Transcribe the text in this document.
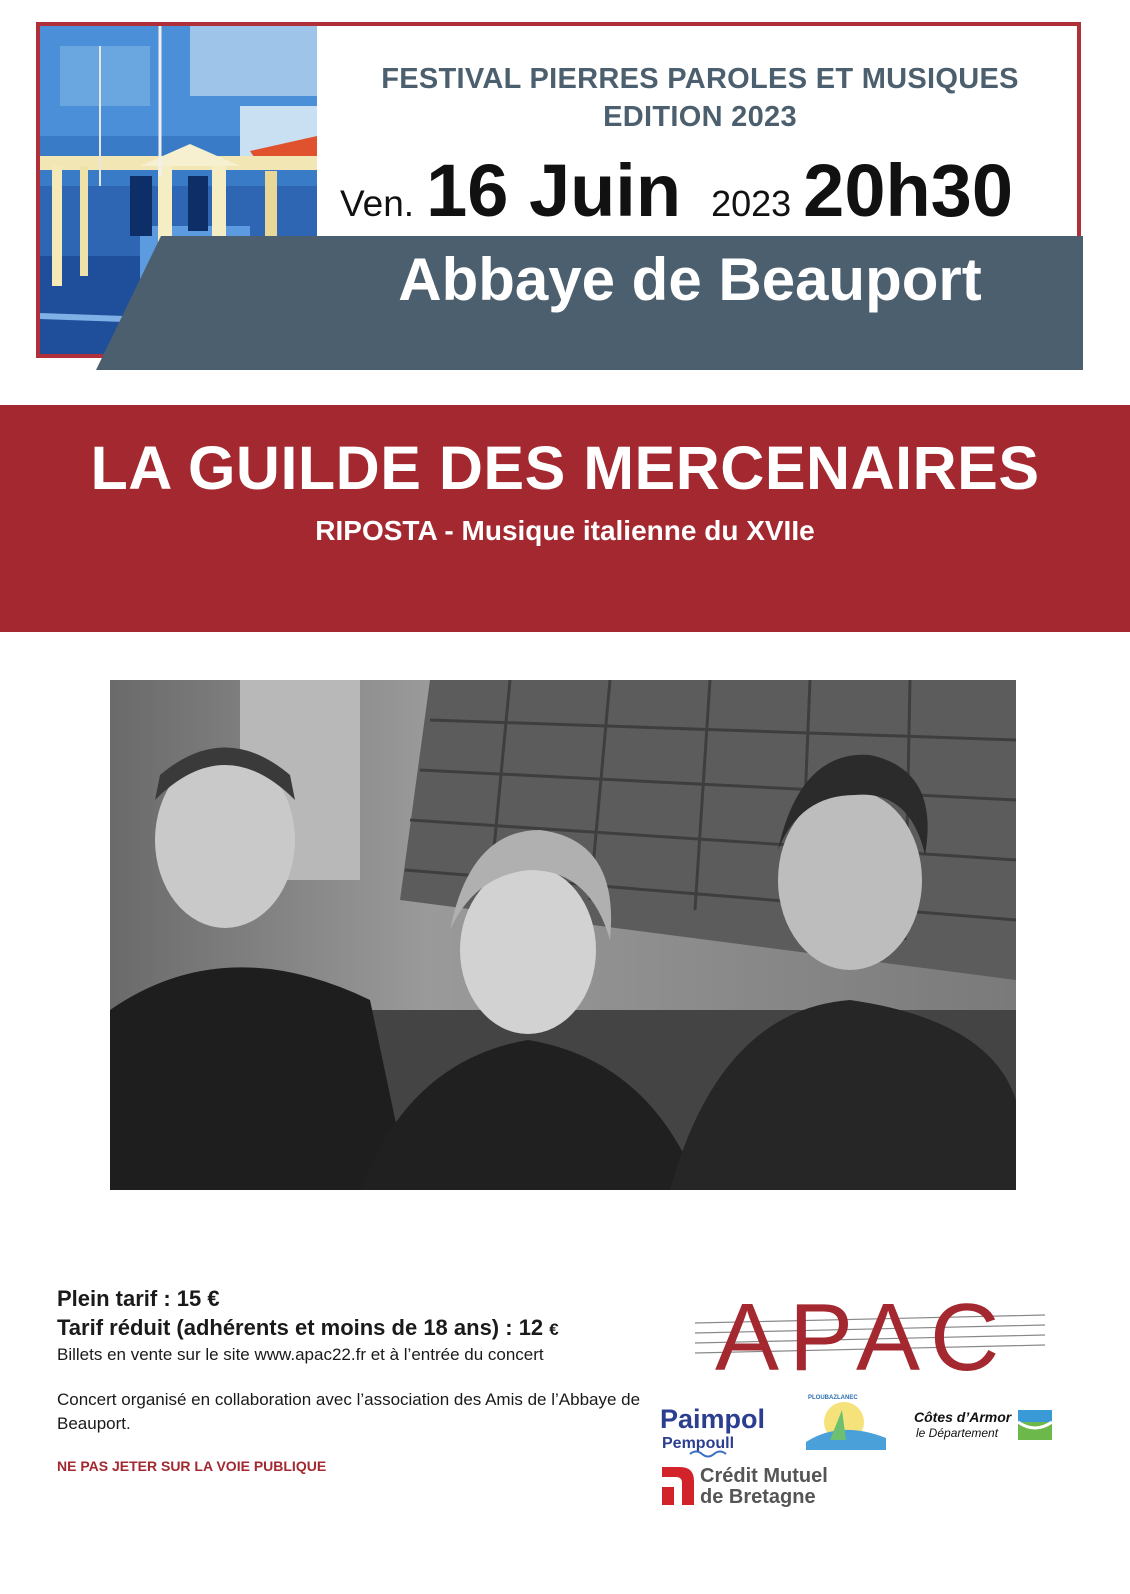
FESTIVAL PIERRES PAROLES ET MUSIQUES
EDITION 2023
Ven. 16 Juin 2023 20h30
Abbaye de Beauport
LA GUILDE DES MERCENAIRES
RIPOSTA - Musique italienne du XVIIe
Plein tarif : 15 €
Tarif réduit (adhérents et moins de 18 ans) : 12 €
Billets en vente sur le site www.apac22.fr et à l’entrée du concert
Concert organisé en collaboration avec l’association des Amis de l’Abbaye de Beauport.
NE PAS JETER SUR LA VOIE PUBLIQUE
APAC
Paimpol
Pempoull
PLOUBAZLANEC
Côtes d’Armor
le Département
Crédit Mutuel
de Bretagne
